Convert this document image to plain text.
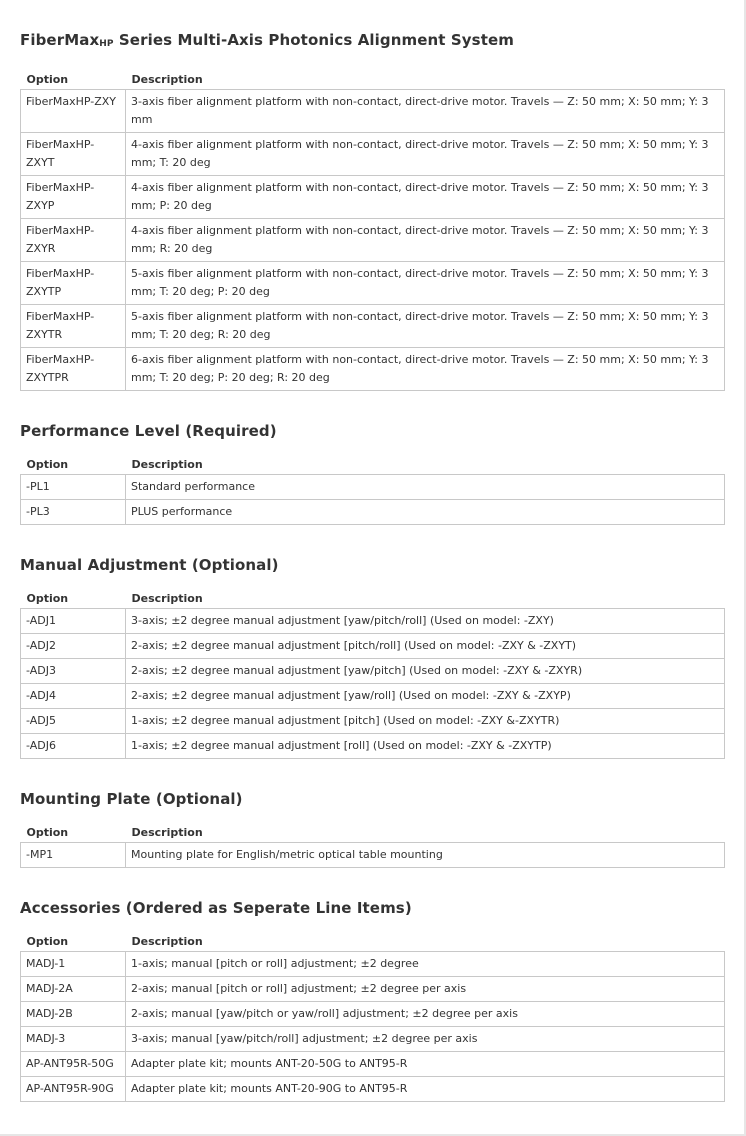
FiberMaxHP Series Multi-Axis Photonics Alignment System
Option	Description
FiberMaxHP-ZXY	3-axis fiber alignment platform with non-contact, direct-drive motor. Travels — Z: 50 mm; X: 50 mm; Y: 3 mm
FiberMaxHP-ZXYT	4-axis fiber alignment platform with non-contact, direct-drive motor. Travels — Z: 50 mm; X: 50 mm; Y: 3 mm; T: 20 deg
FiberMaxHP-ZXYP	4-axis fiber alignment platform with non-contact, direct-drive motor. Travels — Z: 50 mm; X: 50 mm; Y: 3 mm; P: 20 deg
FiberMaxHP-ZXYR	4-axis fiber alignment platform with non-contact, direct-drive motor. Travels — Z: 50 mm; X: 50 mm; Y: 3 mm; R: 20 deg
FiberMaxHP-ZXYTP	5-axis fiber alignment platform with non-contact, direct-drive motor. Travels — Z: 50 mm; X: 50 mm; Y: 3 mm; T: 20 deg; P: 20 deg
FiberMaxHP-ZXYTR	5-axis fiber alignment platform with non-contact, direct-drive motor. Travels — Z: 50 mm; X: 50 mm; Y: 3 mm; T: 20 deg; R: 20 deg
FiberMaxHP-ZXYTPR	6-axis fiber alignment platform with non-contact, direct-drive motor. Travels — Z: 50 mm; X: 50 mm; Y: 3 mm; T: 20 deg; P: 20 deg; R: 20 deg
Performance Level (Required)
Option	Description
-PL1	Standard performance
-PL3	PLUS performance
Manual Adjustment (Optional)
Option	Description
-ADJ1	3-axis; ±2 degree manual adjustment [yaw/pitch/roll] (Used on model: -ZXY)
-ADJ2	2-axis; ±2 degree manual adjustment [pitch/roll] (Used on model: -ZXY & -ZXYT)
-ADJ3	2-axis; ±2 degree manual adjustment [yaw/pitch] (Used on model: -ZXY & -ZXYR)
-ADJ4	2-axis; ±2 degree manual adjustment [yaw/roll] (Used on model: -ZXY & -ZXYP)
-ADJ5	1-axis; ±2 degree manual adjustment [pitch] (Used on model: -ZXY &-ZXYTR)
-ADJ6	1-axis; ±2 degree manual adjustment [roll] (Used on model: -ZXY & -ZXYTP)
Mounting Plate (Optional)
Option	Description
-MP1	Mounting plate for English/metric optical table mounting
Accessories (Ordered as Seperate Line Items)
Option	Description
MADJ-1	1-axis; manual [pitch or roll] adjustment; ±2 degree
MADJ-2A	2-axis; manual [pitch or roll] adjustment; ±2 degree per axis
MADJ-2B	2-axis; manual [yaw/pitch or yaw/roll] adjustment; ±2 degree per axis
MADJ-3	3-axis; manual [yaw/pitch/roll] adjustment; ±2 degree per axis
AP-ANT95R-50G	Adapter plate kit; mounts ANT-20-50G to ANT95-R
AP-ANT95R-90G	Adapter plate kit; mounts ANT-20-90G to ANT95-R
